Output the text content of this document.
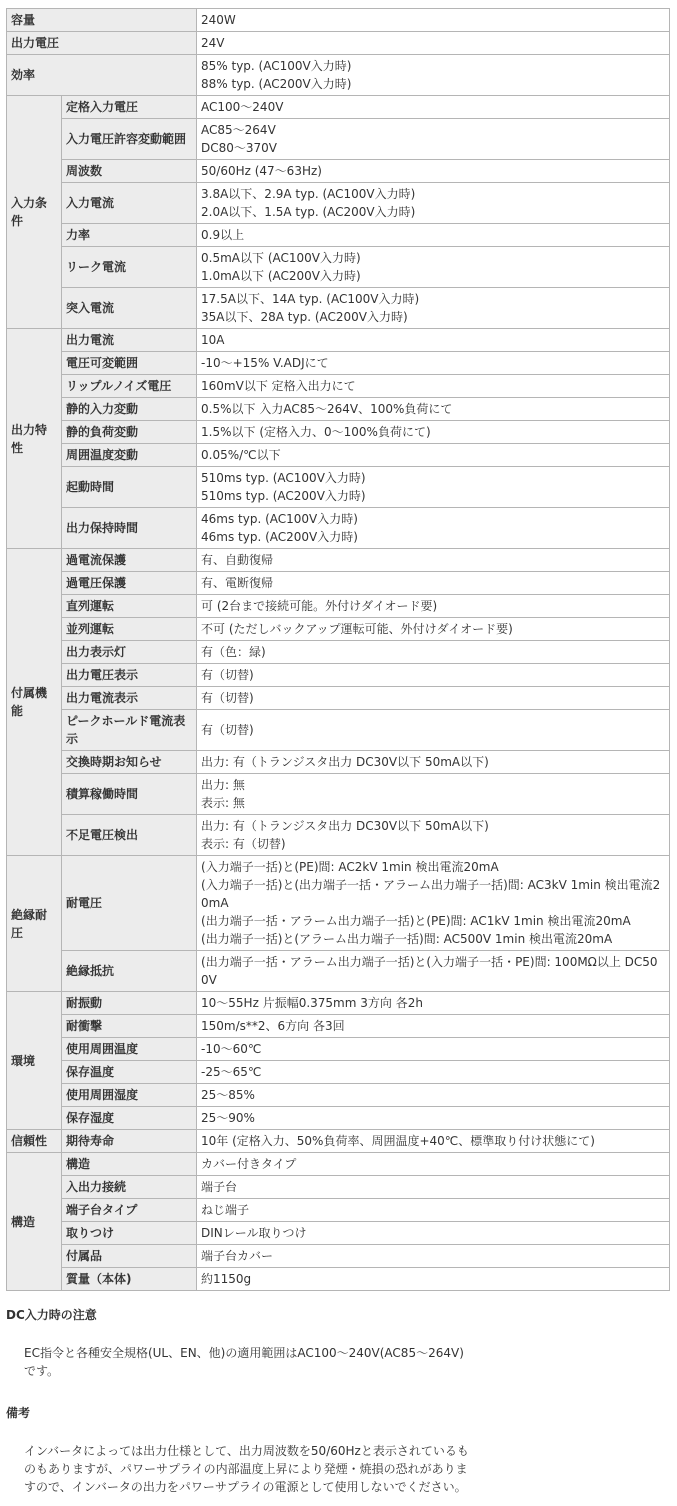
容量		240W

出力電圧		24V

効率		85% typ. (AC100V入力時)
88% typ. (AC200V入力時)

入力条件	定格入力電圧	AC100～240V

	入力電圧許容変動範囲	AC85～264V
DC80～370V

	周波数	50/60Hz (47～63Hz)

	入力電流	3.8A以下、2.9A typ. (AC100V入力時)
2.0A以下、1.5A typ. (AC200V入力時)

	力率	0.9以上

	リーク電流	0.5mA以下 (AC100V入力時)
1.0mA以下 (AC200V入力時)

	突入電流	17.5A以下、14A typ. (AC100V入力時)
35A以下、28A typ. (AC200V入力時)

出力特性	出力電流	10A

	電圧可変範囲	-10～+15% V.ADJにて

	リップルノイズ電圧	160mV以下 定格入出力にて

	静的入力変動	0.5%以下 入力AC85～264V、100%負荷にて

	静的負荷変動	1.5%以下 (定格入力、0～100%負荷にて)

	周囲温度変動	0.05%/℃以下

	起動時間	510ms typ. (AC100V入力時)
510ms typ. (AC200V入力時)

	出力保持時間	46ms typ. (AC100V入力時)
46ms typ. (AC200V入力時)

付属機能	過電流保護	有、自動復帰

	過電圧保護	有、電断復帰

	直列運転	可 (2台まで接続可能。外付けダイオード要)

	並列運転	不可 (ただしバックアップ運転可能、外付けダイオード要)

	出力表示灯	有（色：緑)

	出力電圧表示	有（切替)

	出力電流表示	有（切替)

	ピークホールド電流表示	有（切替)

	交換時期お知らせ	出力: 有（トランジスタ出力 DC30V以下 50mA以下)

	積算稼働時間	出力: 無
表示: 無

	不足電圧検出	出力: 有（トランジスタ出力 DC30V以下 50mA以下)
表示: 有（切替)

絶縁耐圧	耐電圧	(入力端子一括)と(PE)間: AC2kV 1min 検出電流20mA
(入力端子一括)と(出力端子一括・アラーム出力端子一括)間: AC3kV 1min 検出電流20mA
(出力端子一括・アラーム出力端子一括)と(PE)間: AC1kV 1min 検出電流20mA
(出力端子一括)と(アラーム出力端子一括)間: AC500V 1min 検出電流20mA

	絶縁抵抗	(出力端子一括・アラーム出力端子一括)と(入力端子一括・PE)間: 100MΩ以上 DC500V

環境	耐振動	10～55Hz 片振幅0.375mm 3方向 各2h

	耐衝撃	150m/s**2、6方向 各3回

	使用周囲温度	-10～60℃

	保存温度	-25～65℃

	使用周囲湿度	25～85%

	保存湿度	25～90%

信頼性	期待寿命	10年 (定格入力、50%負荷率、周囲温度+40℃、標準取り付け状態にて)

構造	構造	カバー付きタイプ

	入出力接続	端子台

	端子台タイプ	ねじ端子

	取りつけ	DINレール取りつけ

	付属品	端子台カバー

	質量（本体)	約1150g

DC入力時の注意

EC指令と各種安全規格(UL、EN、他)の適用範囲はAC100～240V(AC85～264V)です。

備考

インバータによっては出力仕様として、出力周波数を50/60Hzと表示されているものもありますが、パワーサプライの内部温度上昇により発煙・焼損の恐れがありますので、インバータの出力をパワーサプライの電源として使用しないでください。
